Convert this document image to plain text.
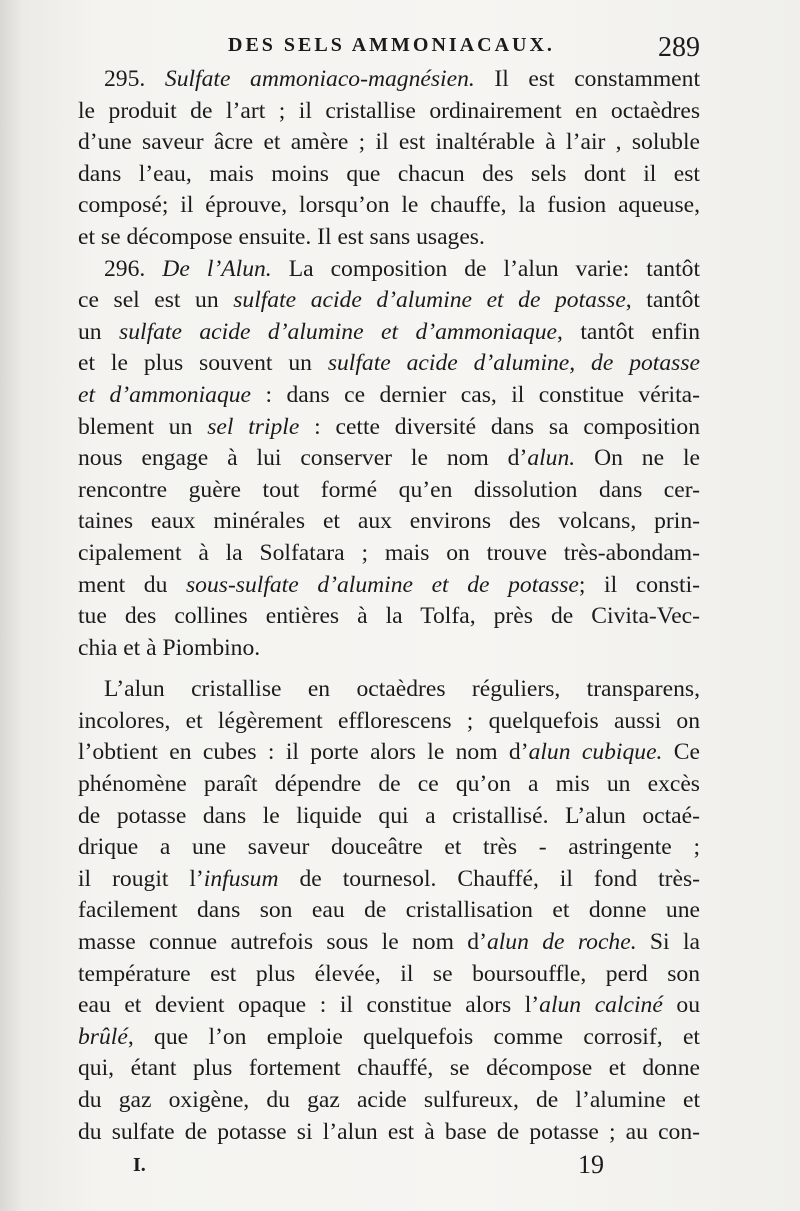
DES SELS AMMONIACAUX.	289
295. Sulfate ammoniaco-magnésien. Il est constamment
le produit de l’art ; il cristallise ordinairement en octaèdres
d’une saveur âcre et amère ; il est inaltérable à l’air , soluble
dans l’eau, mais moins que chacun des sels dont il est
composé; il éprouve, lorsqu’on le chauffe, la fusion aqueuse,
et se décompose ensuite. Il est sans usages.
296. De l’Alun. La composition de l’alun varie: tantôt
ce sel est un sulfate acide d’alumine et de potasse, tantôt
un sulfate acide d’alumine et d’ammoniaque, tantôt enfin
et le plus souvent un sulfate acide d’alumine, de potasse
et d’ammoniaque : dans ce dernier cas, il constitue vérita-
blement un sel triple : cette diversité dans sa composition
nous engage à lui conserver le nom d’alun. On ne le
rencontre guère tout formé qu’en dissolution dans cer-
taines eaux minérales et aux environs des volcans, prin-
cipalement à la Solfatara ; mais on trouve très-abondam-
ment du sous-sulfate d’alumine et de potasse; il consti-
tue des collines entières à la Tolfa, près de Civita-Vec-
chia et à Piombino.
L’alun cristallise en octaèdres réguliers, transparens,
incolores, et légèrement efflorescens ; quelquefois aussi on
l’obtient en cubes : il porte alors le nom d’alun cubique. Ce
phénomène paraît dépendre de ce qu’on a mis un excès
de potasse dans le liquide qui a cristallisé. L’alun octaé-
drique a une saveur douceâtre et très - astringente ;
il rougit l’infusum de tournesol. Chauffé, il fond très-
facilement dans son eau de cristallisation et donne une
masse connue autrefois sous le nom d’alun de roche. Si la
température est plus élevée, il se boursouffle, perd son
eau et devient opaque : il constitue alors l’alun calciné ou
brûlé, que l’on emploie quelquefois comme corrosif, et
qui, étant plus fortement chauffé, se décompose et donne
du gaz oxigène, du gaz acide sulfureux, de l’alumine et
du sulfate de potasse si l’alun est à base de potasse ; au con-
I.	19
